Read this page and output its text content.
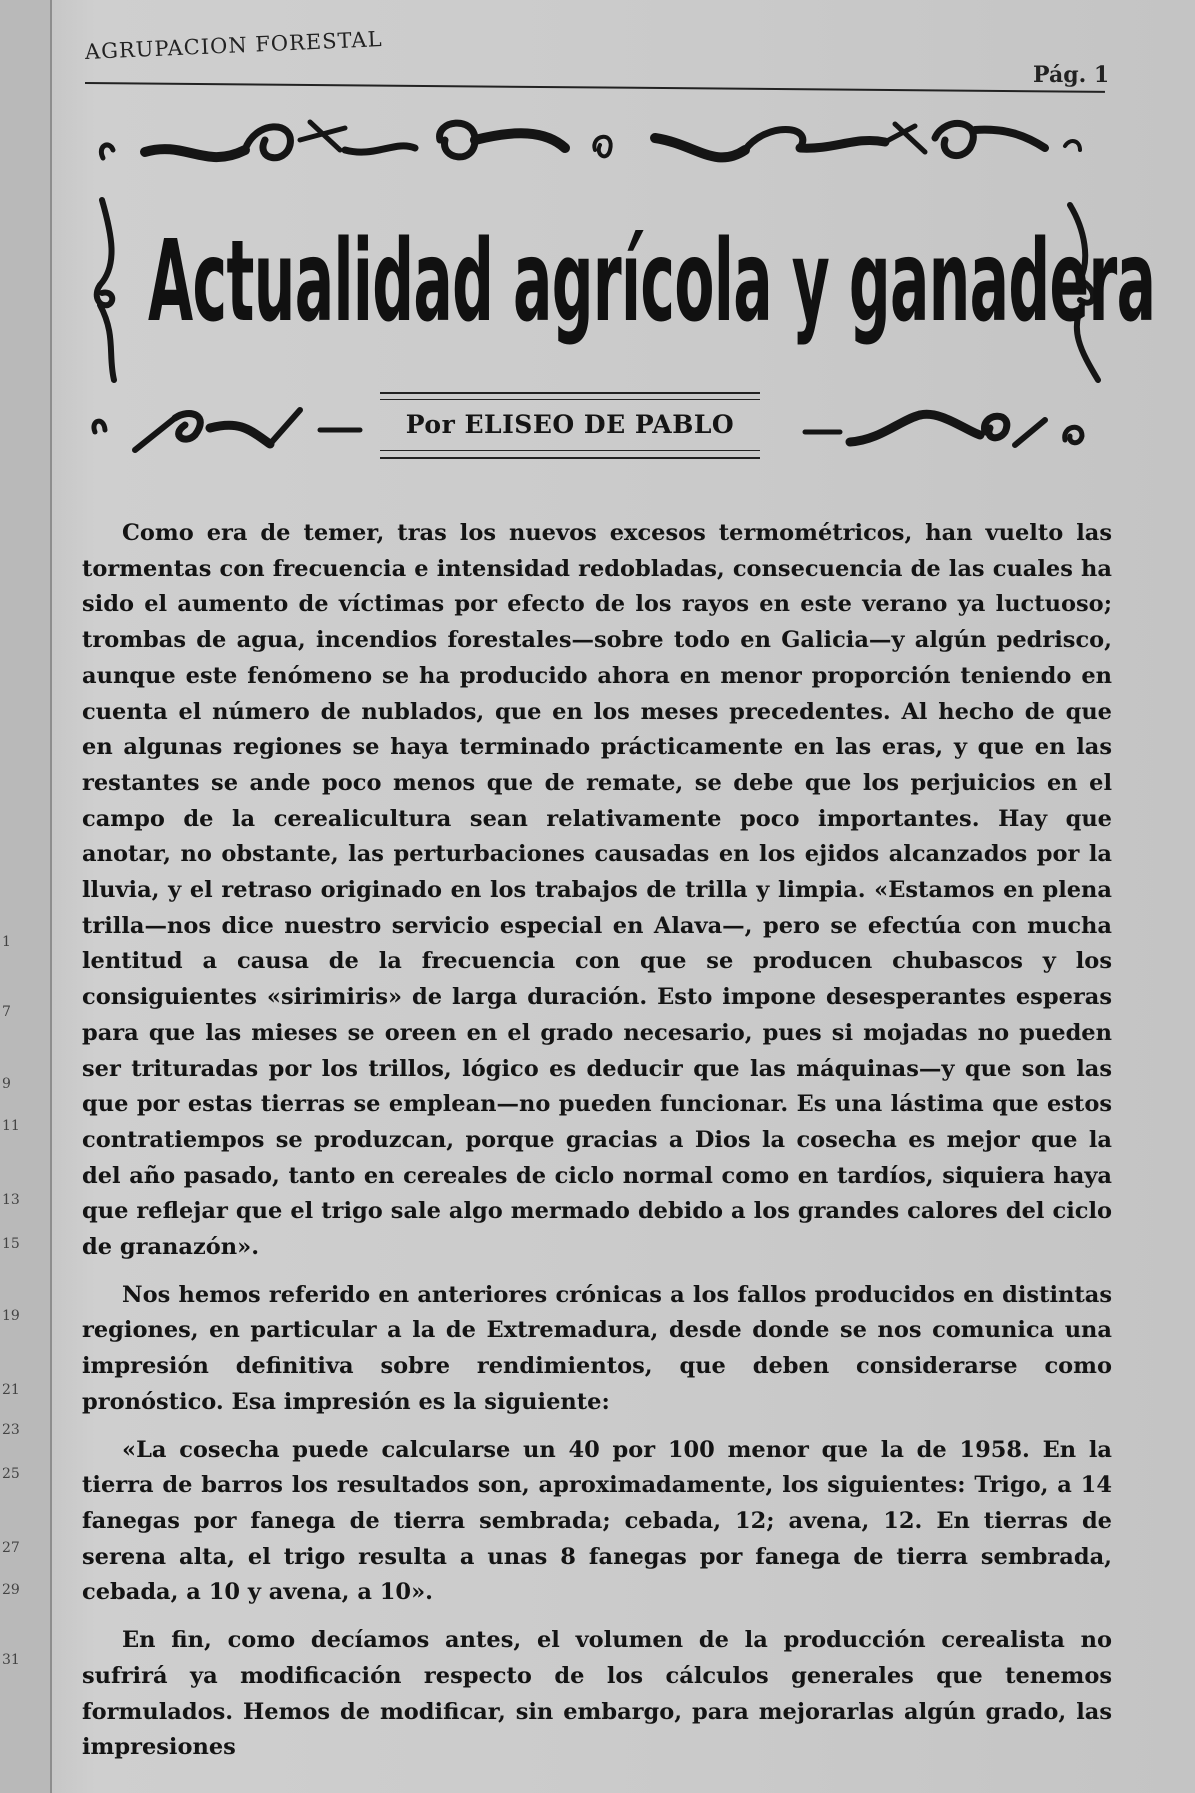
1
7
9
11
13
15
19
21
23
25
27
29
31
AGRUPACION FORESTAL
Pág. 1
Actualidad agrícola y ganadera
Por ELISEO DE PABLO

Como era de temer, tras los nuevos excesos termométricos, han vuelto las tormentas con frecuencia e intensidad redobladas, consecuencia de las cuales ha sido el aumento de víctimas por efecto de los rayos en este verano ya luctuoso; trombas de agua, incendios forestales—sobre todo en Galicia—y algún pedrisco, aunque este fenómeno se ha producido ahora en menor proporción teniendo en cuenta el número de nublados, que en los meses precedentes. Al hecho de que en algunas regiones se haya terminado prácticamente en las eras, y que en las restantes se ande poco menos que de remate, se debe que los perjuicios en el campo de la cerealicultura sean relativamente poco importantes. Hay que anotar, no obstante, las perturbaciones causadas en los ejidos alcanzados por la lluvia, y el retraso originado en los trabajos de trilla y limpia. «Estamos en plena trilla—nos dice nuestro servicio especial en Alava—, pero se efectúa con mucha lentitud a causa de la frecuencia con que se producen chubascos y los consiguientes «sirimiris» de larga duración. Esto impone desesperantes esperas para que las mieses se oreen en el grado necesario, pues si mojadas no pueden ser trituradas por los trillos, lógico es deducir que las máquinas—y que son las que por estas tierras se emplean—no pueden funcionar. Es una lástima que estos contratiempos se produzcan, porque gracias a Dios la cosecha es mejor que la del año pasado, tanto en cereales de ciclo normal como en tardíos, siquiera haya que reflejar que el trigo sale algo mermado debido a los grandes calores del ciclo de granazón».

Nos hemos referido en anteriores crónicas a los fallos producidos en distintas regiones, en particular a la de Extremadura, desde donde se nos comunica una impresión definitiva sobre rendimientos, que deben considerarse como pronóstico. Esa impresión es la siguiente:

«La cosecha puede calcularse un 40 por 100 menor que la de 1958. En la tierra de barros los resultados son, aproximadamente, los siguientes: Trigo, a 14 fanegas por fanega de tierra sembrada; cebada, 12; avena, 12. En tierras de serena alta, el trigo resulta a unas 8 fanegas por fanega de tierra sembrada, cebada, a 10 y avena, a 10».

En fin, como decíamos antes, el volumen de la producción cerealista no sufrirá ya modificación respecto de los cálculos generales que tenemos formulados. Hemos de modificar, sin embargo, para mejorarlas algún grado, las impresiones
